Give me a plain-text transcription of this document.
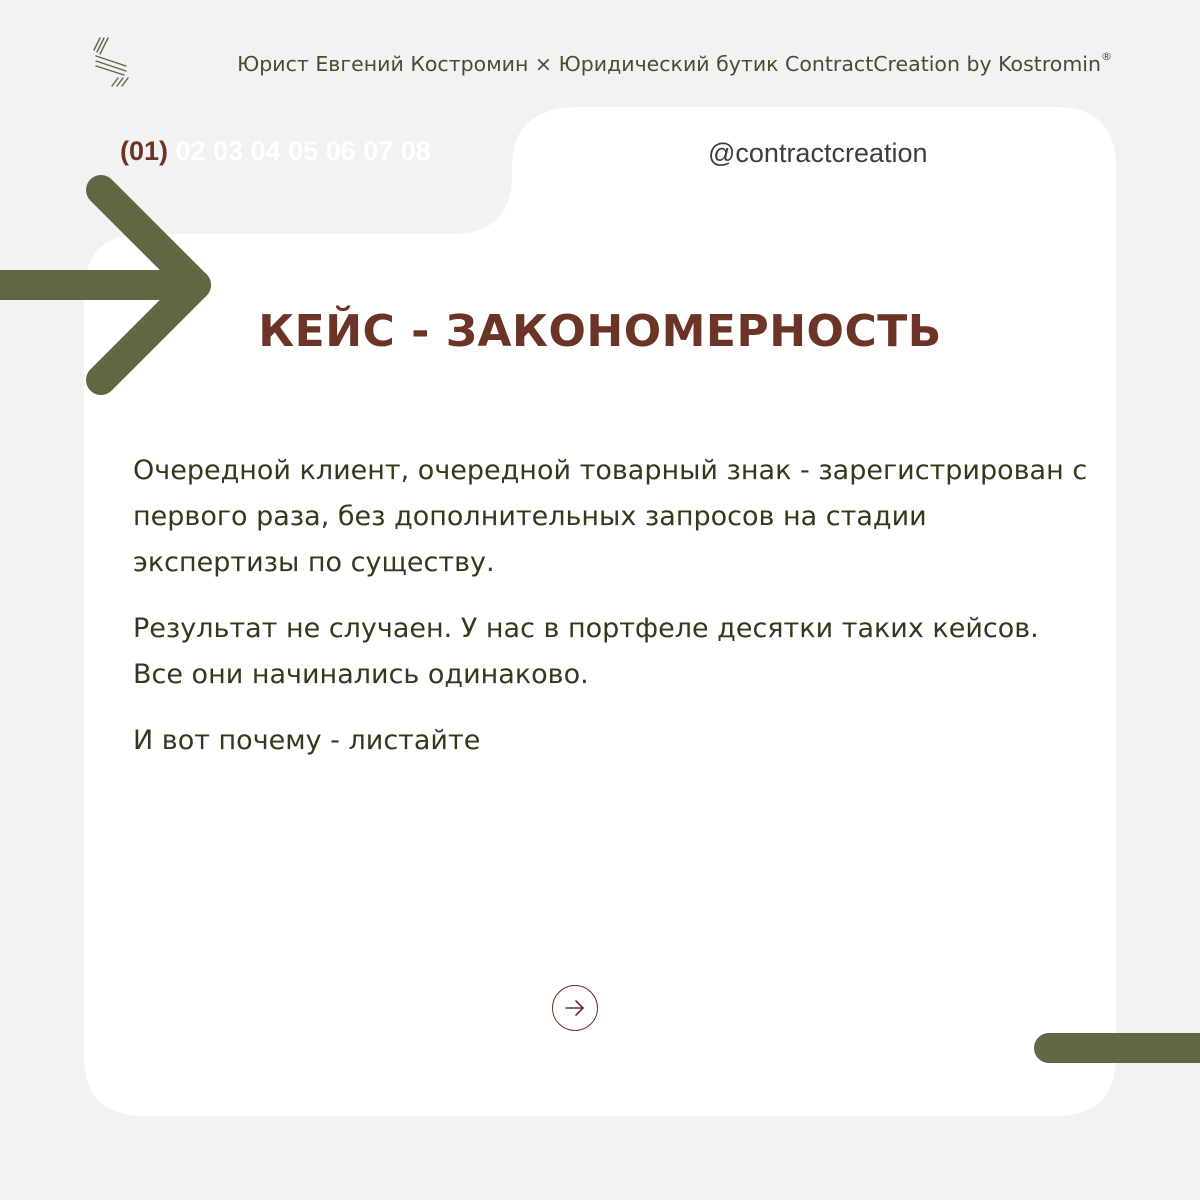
Юрист Евгений Костромин × Юридический бутик ContractCreation by Kostromin®
(01) 02 03 04 05 06 07 08	@contractcreation
КЕЙС - ЗАКОНОМЕРНОСТЬ

Очередной клиент, очередной товарный знак - зарегистрирован с первого раза, без дополнительных запросов на стадии экспертизы по существу.

Результат не случаен. У нас в портфеле десятки таких кейсов. Все они начинались одинаково.

И вот почему - листайте
